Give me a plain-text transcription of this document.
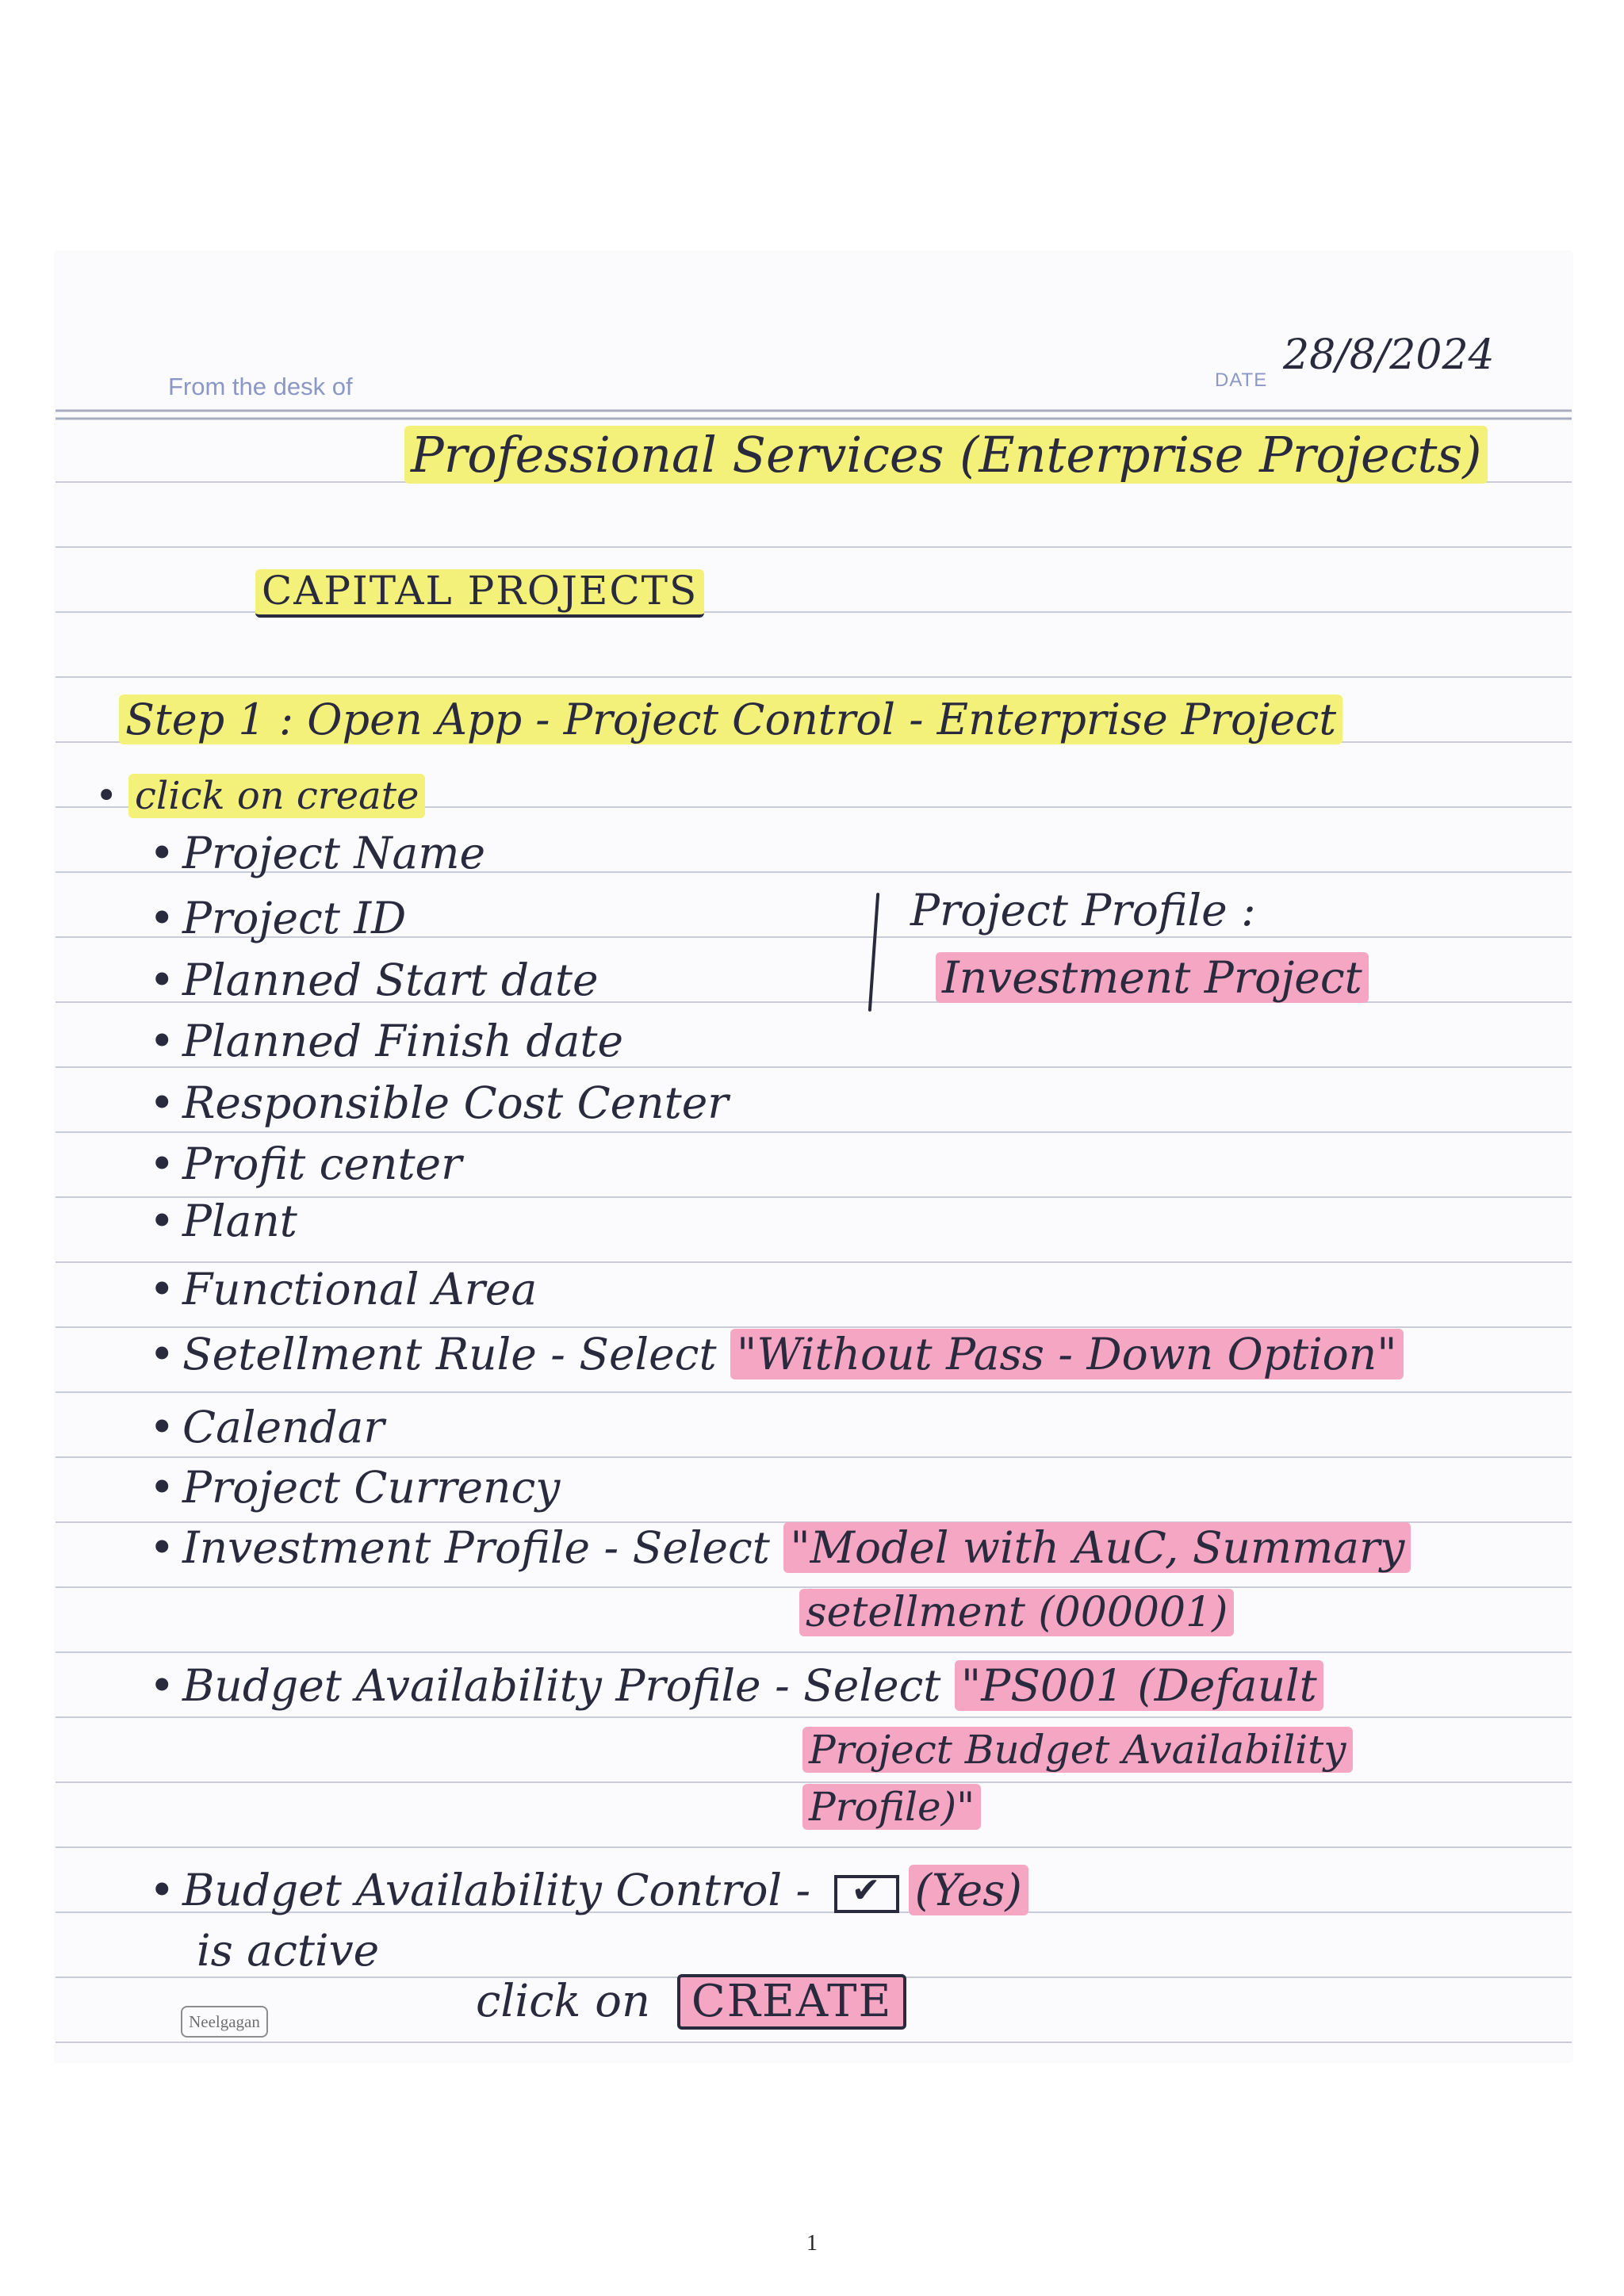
From the desk of	DATE
28/8/2024
Professional Services (Enterprise Projects)
CAPITAL PROJECTS
Step 1 : Open App - Project Control - Enterprise Project
• click on create
• Project Name
• Project ID
• Planned Start date
• Planned Finish date
• Responsible Cost Center
• Profit center
• Plant
• Functional Area
• Setellment Rule - Select "Without Pass - Down Option"
• Calendar
• Project Currency
• Investment Profile - Select "Model with AuC, Summary
setellment (000001)
• Budget Availability Profile - Select "PS001 (Default
Project Budget Availability
Profile)"
• Budget Availability Control - ✔(Yes)
is active
Project Profile :
Investment Project
click on CREATE
Neelgagan
1
